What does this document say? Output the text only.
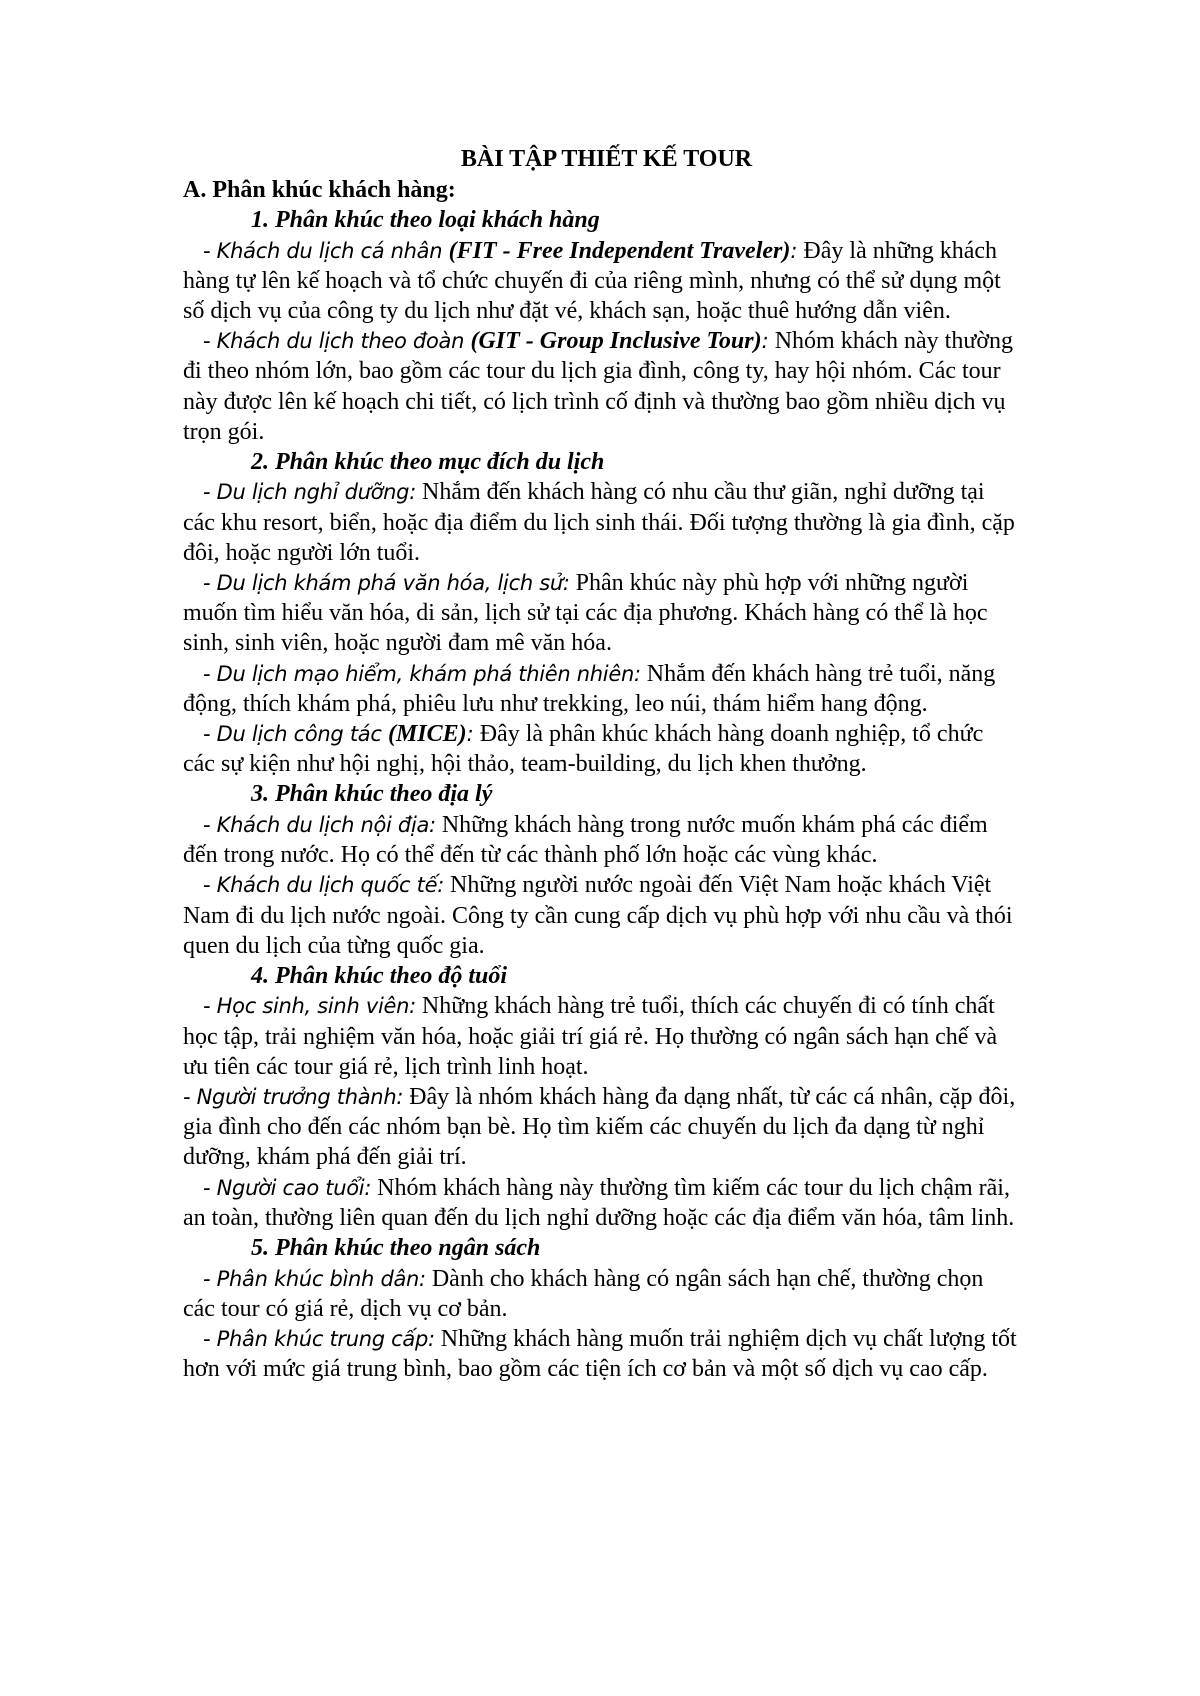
BÀI TẬP THIẾT KẾ TOUR

A. Phân khúc khách hàng:

1. Phân khúc theo loại khách hàng

- Khách du lịch cá nhân (FIT - Free Independent Traveler): Đây là những khách hàng tự lên kế hoạch và tổ chức chuyến đi của riêng mình, nhưng có thể sử dụng một số dịch vụ của công ty du lịch như đặt vé, khách sạn, hoặc thuê hướng dẫn viên.

- Khách du lịch theo đoàn (GIT - Group Inclusive Tour): Nhóm khách này thường đi theo nhóm lớn, bao gồm các tour du lịch gia đình, công ty, hay hội nhóm. Các tour này được lên kế hoạch chi tiết, có lịch trình cố định và thường bao gồm nhiều dịch vụ trọn gói.

2. Phân khúc theo mục đích du lịch

- Du lịch nghỉ dưỡng: Nhắm đến khách hàng có nhu cầu thư giãn, nghỉ dưỡng tại các khu resort, biển, hoặc địa điểm du lịch sinh thái. Đối tượng thường là gia đình, cặp đôi, hoặc người lớn tuổi.

- Du lịch khám phá văn hóa, lịch sử: Phân khúc này phù hợp với những người muốn tìm hiểu văn hóa, di sản, lịch sử tại các địa phương. Khách hàng có thể là học sinh, sinh viên, hoặc người đam mê văn hóa.

- Du lịch mạo hiểm, khám phá thiên nhiên: Nhắm đến khách hàng trẻ tuổi, năng động, thích khám phá, phiêu lưu như trekking, leo núi, thám hiểm hang động.

- Du lịch công tác (MICE): Đây là phân khúc khách hàng doanh nghiệp, tổ chức các sự kiện như hội nghị, hội thảo, team-building, du lịch khen thưởng.

3. Phân khúc theo địa lý

- Khách du lịch nội địa: Những khách hàng trong nước muốn khám phá các điểm đến trong nước. Họ có thể đến từ các thành phố lớn hoặc các vùng khác.

- Khách du lịch quốc tế: Những người nước ngoài đến Việt Nam hoặc khách Việt Nam đi du lịch nước ngoài. Công ty cần cung cấp dịch vụ phù hợp với nhu cầu và thói quen du lịch của từng quốc gia.

4. Phân khúc theo độ tuổi

- Học sinh, sinh viên: Những khách hàng trẻ tuổi, thích các chuyến đi có tính chất học tập, trải nghiệm văn hóa, hoặc giải trí giá rẻ. Họ thường có ngân sách hạn chế và ưu tiên các tour giá rẻ, lịch trình linh hoạt.

- Người trưởng thành: Đây là nhóm khách hàng đa dạng nhất, từ các cá nhân, cặp đôi, gia đình cho đến các nhóm bạn bè. Họ tìm kiếm các chuyến du lịch đa dạng từ nghỉ dưỡng, khám phá đến giải trí.

- Người cao tuổi: Nhóm khách hàng này thường tìm kiếm các tour du lịch chậm rãi, an toàn, thường liên quan đến du lịch nghỉ dưỡng hoặc các địa điểm văn hóa, tâm linh.

5. Phân khúc theo ngân sách

- Phân khúc bình dân: Dành cho khách hàng có ngân sách hạn chế, thường chọn các tour có giá rẻ, dịch vụ cơ bản.

- Phân khúc trung cấp: Những khách hàng muốn trải nghiệm dịch vụ chất lượng tốt hơn với mức giá trung bình, bao gồm các tiện ích cơ bản và một số dịch vụ cao cấp.
